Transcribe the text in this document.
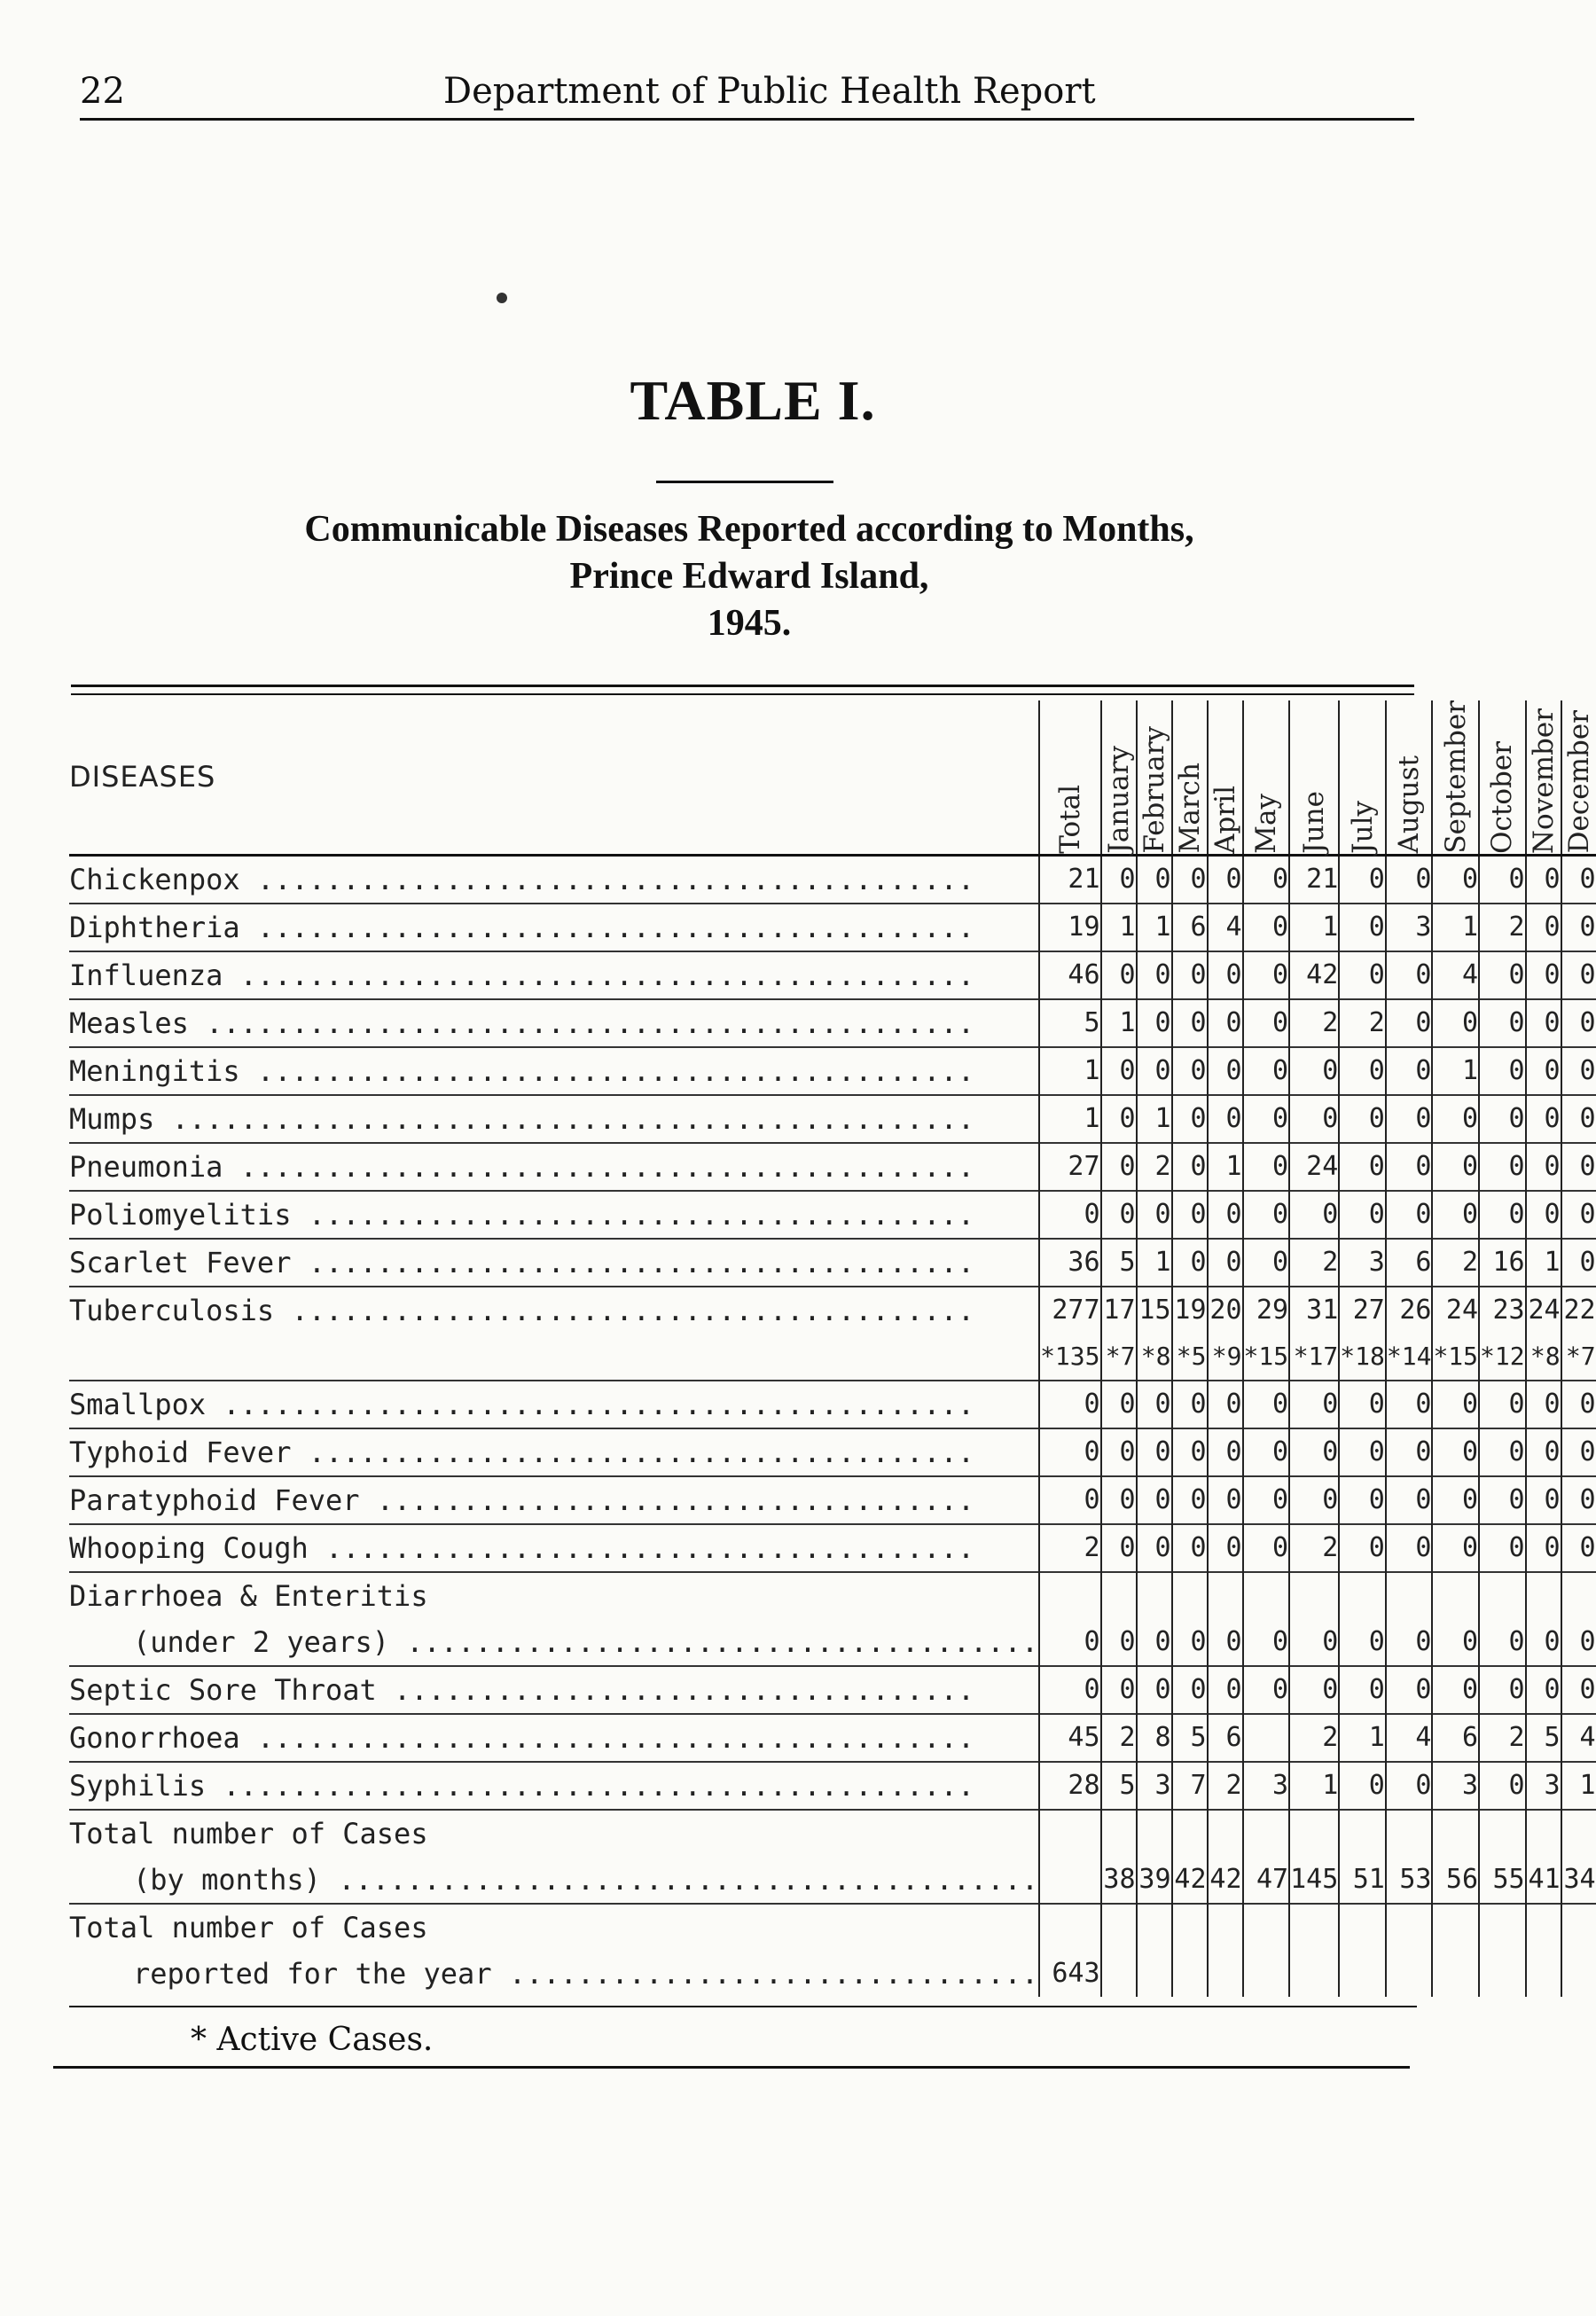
22	Department of Public Health Report
TABLE I.
Communicable Diseases Reported according to Months,
Prince Edward Island,
1945.
DISEASES	Total	January	February	March	April	May	June	July	August	September	October	November	December

Chickenpox ..........................................	21	0	0	0	0	0	21	0	0	0	0	0	0
Diphtheria ..........................................	19	1	1	6	4	0	1	0	3	1	2	0	0
Influenza ...........................................	46	0	0	0	0	0	42	0	0	4	0	0	0
Measles .............................................	5	1	0	0	0	0	2	2	0	0	0	0	0
Meningitis ..........................................	1	0	0	0	0	0	0	0	0	1	0	0	0
Mumps ...............................................	1	0	1	0	0	0	0	0	0	0	0	0	0
Pneumonia ...........................................	27	0	2	0	1	0	24	0	0	0	0	0	0
Poliomyelitis .......................................	0	0	0	0	0	0	0	0	0	0	0	0	0
Scarlet Fever .......................................	36	5	1	0	0	0	2	3	6	2	16	1	0
Tuberculosis ........................................	277	17	15	19	20	29	31	27	26	24	23	24	22
	*135	*7	*8	*5	*9	*15	*17	*18	*14	*15	*12	*8	*7
Smallpox ............................................	0	0	0	0	0	0	0	0	0	0	0	0	0
Typhoid Fever .......................................	0	0	0	0	0	0	0	0	0	0	0	0	0
Paratyphoid Fever ...................................	0	0	0	0	0	0	0	0	0	0	0	0	0
Whooping Cough ......................................	2	0	0	0	0	0	2	0	0	0	0	0	0
Diarrhoea & Enteritis													
(under 2 years) .....................................	0	0	0	0	0	0	0	0	0	0	0	0	0
Septic Sore Throat ..................................	0	0	0	0	0	0	0	0	0	0	0	0	0
Gonorrhoea ..........................................	45	2	8	5	6		2	1	4	6	2	5	4
Syphilis ............................................	28	5	3	7	2	3	1	0	0	3	0	3	1
Total number of Cases													
(by months) .........................................		38	39	42	42	47	145	51	53	56	55	41	34
Total number of Cases													
reported for the year ...............................	643												
* Active Cases.
